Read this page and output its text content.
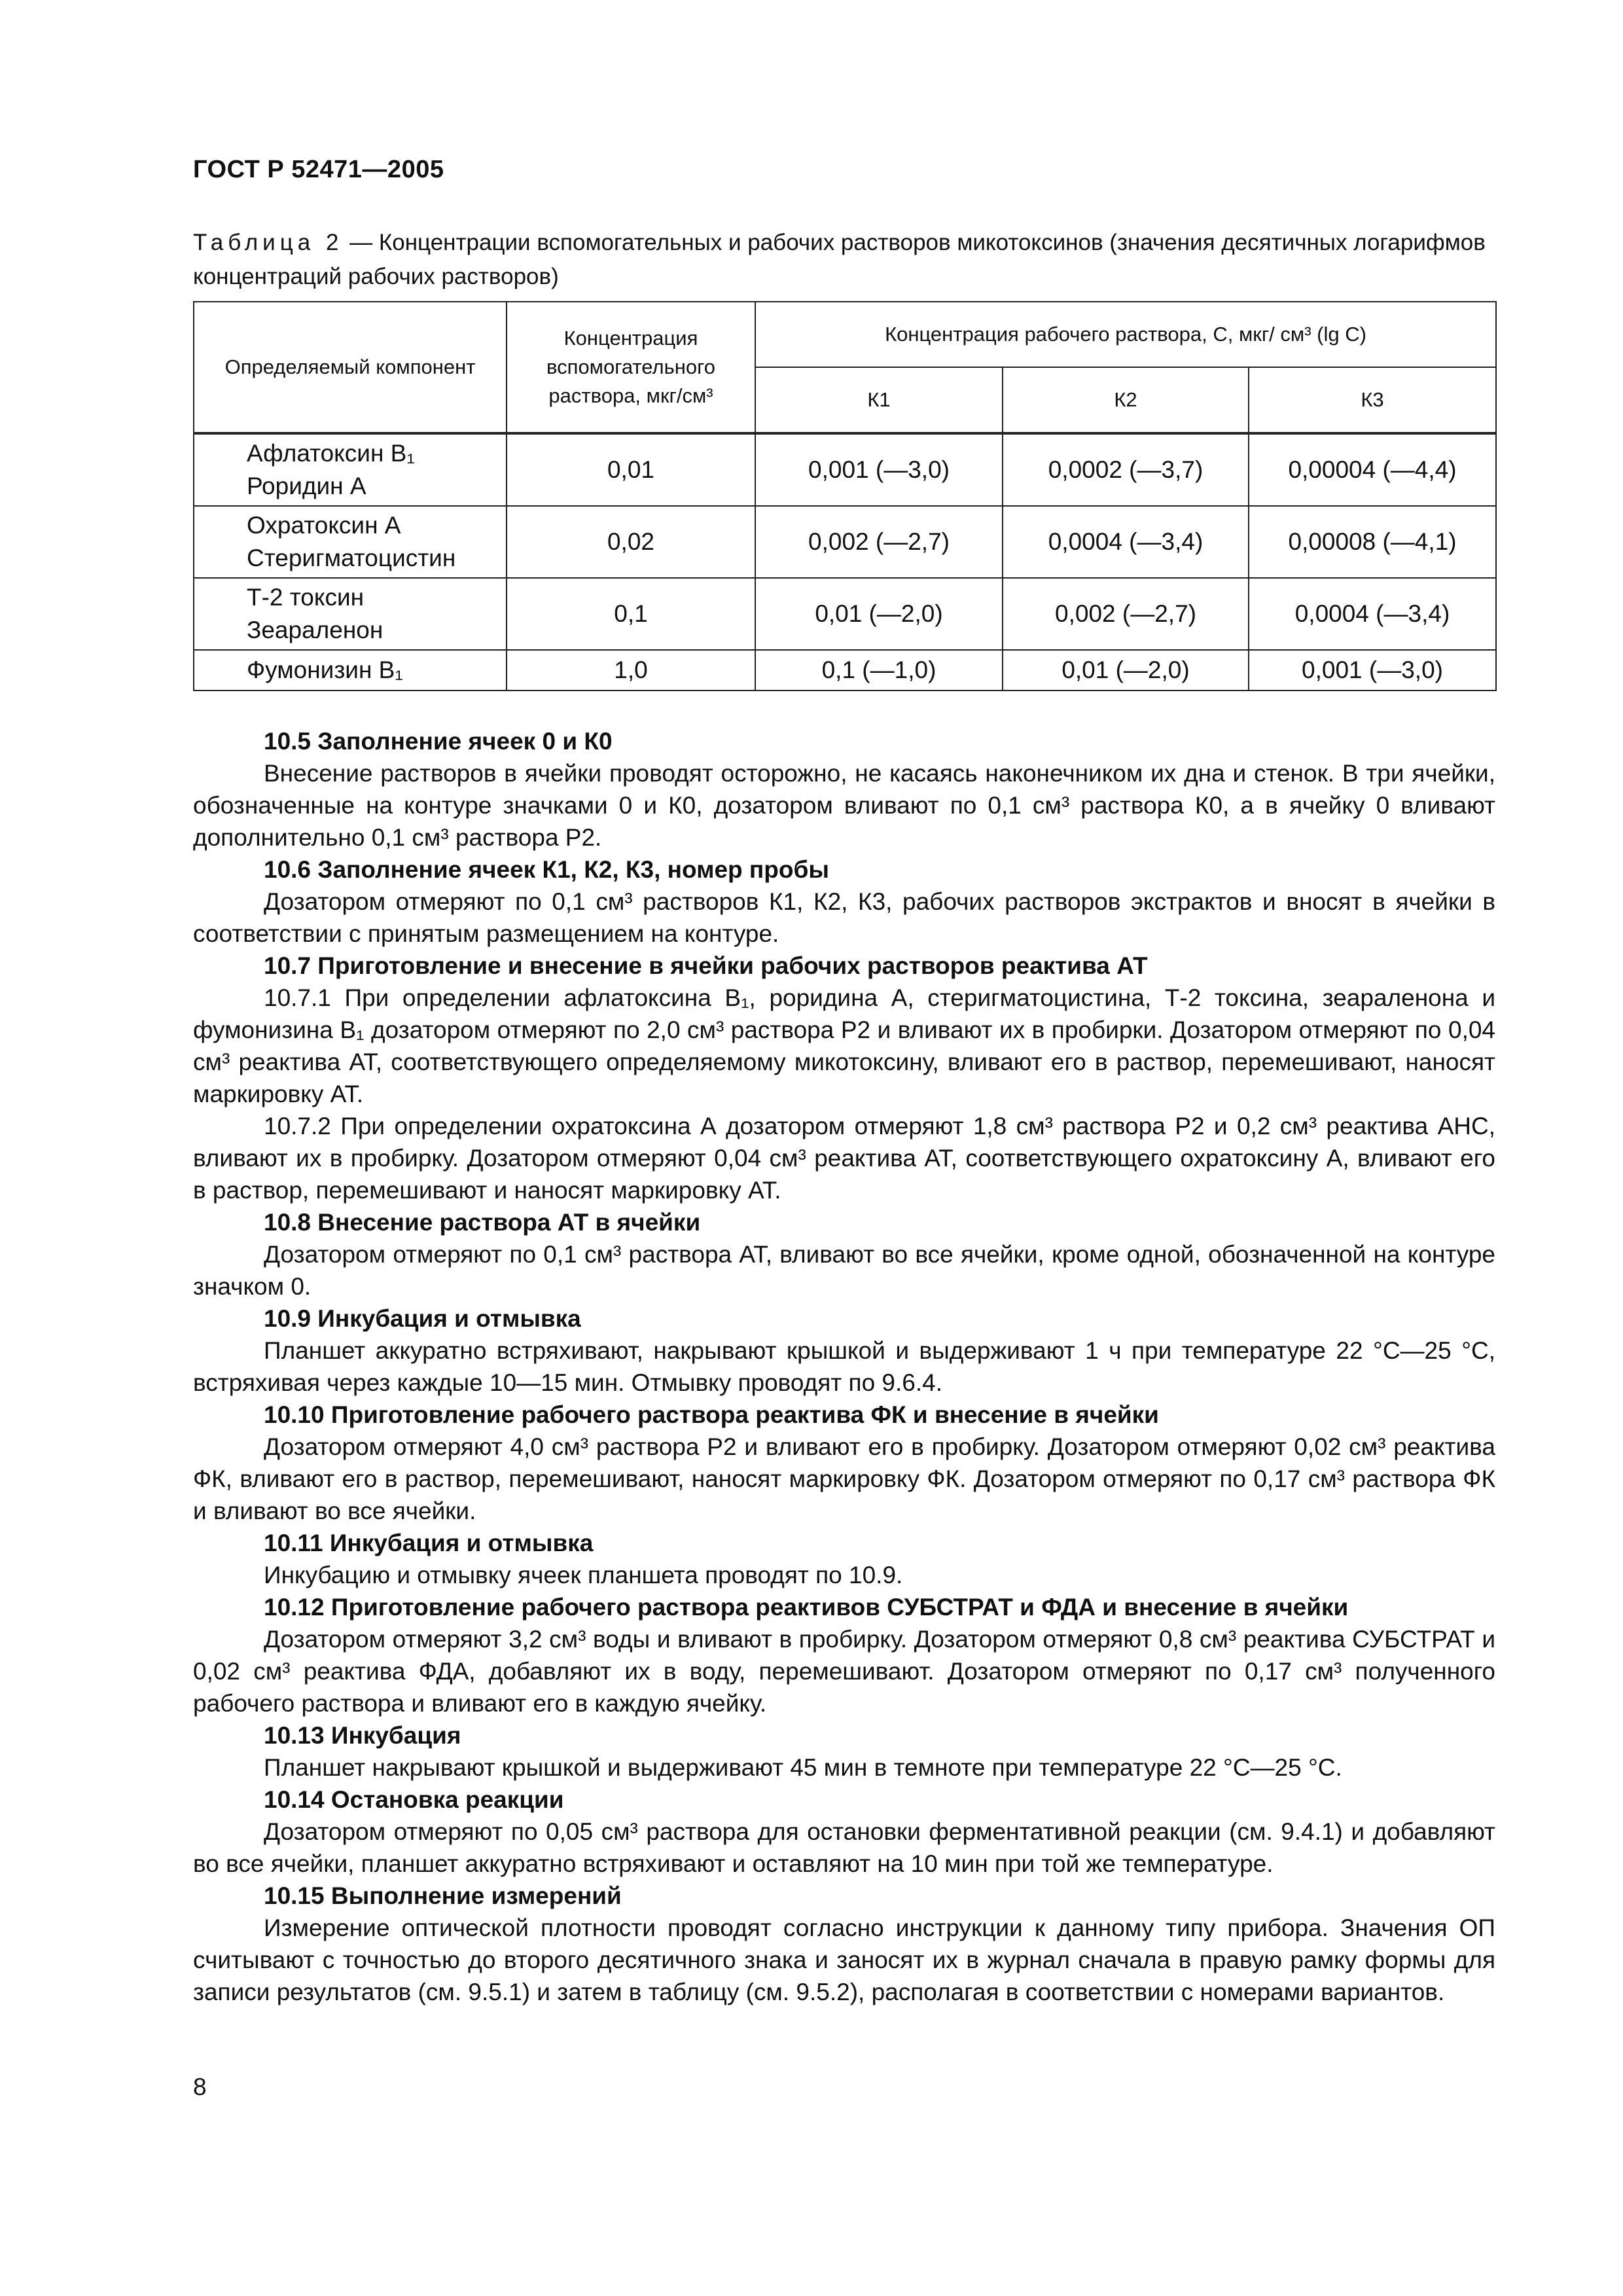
ГОСТ Р 52471—2005
Таблица 2 — Концентрации вспомогательных и рабочих растворов микотоксинов (значения десятичных логарифмов концентраций рабочих растворов)
Определяемый компонент	Концентрация вспомогательного раствора, мкг/см³	Концентрация рабочего раствора, С, мкг/ см³ (lg С)		
		К1	К2	К3
Афлатоксин В₁
Роридин А	0,01	0,001 (—3,0)	0,0002 (—3,7)	0,00004 (—4,4)
Охратоксин А
Стеригматоцистин	0,02	0,002 (—2,7)	0,0004 (—3,4)	0,00008 (—4,1)
Т-2 токсин
Зеараленон	0,1	0,01 (—2,0)	0,002 (—2,7)	0,0004 (—3,4)
Фумонизин В₁	1,0	0,1 (—1,0)	0,01 (—2,0)	0,001 (—3,0)
10.5 Заполнение ячеек 0 и К0

Внесение растворов в ячейки проводят осторожно, не касаясь наконечником их дна и стенок. В три ячейки, обозначенные на контуре значками 0 и К0, дозатором вливают по 0,1 см³ раствора К0, а в ячейку 0 вливают дополнительно 0,1 см³ раствора Р2.

10.6 Заполнение ячеек К1, К2, К3, номер пробы

Дозатором отмеряют по 0,1 см³ растворов К1, К2, К3, рабочих растворов экстрактов и вносят в ячейки в соответствии с принятым размещением на контуре.

10.7 Приготовление и внесение в ячейки рабочих растворов реактива АТ

10.7.1 При определении афлатоксина В₁, роридина А, стеригматоцистина, Т-2 токсина, зеараленона и фумонизина В₁ дозатором отмеряют по 2,0 см³ раствора Р2 и вливают их в пробирки. Дозатором отмеряют по 0,04 см³ реактива АТ, соответствующего определяемому микотоксину, вливают его в раствор, перемешивают, наносят маркировку АТ.

10.7.2 При определении охратоксина А дозатором отмеряют 1,8 см³ раствора Р2 и 0,2 см³ реактива АНС, вливают их в пробирку. Дозатором отмеряют 0,04 см³ реактива АТ, соответствующего охратоксину А, вливают его в раствор, перемешивают и наносят маркировку АТ.

10.8 Внесение раствора АТ в ячейки

Дозатором отмеряют по 0,1 см³ раствора АТ, вливают во все ячейки, кроме одной, обозначенной на контуре значком 0.

10.9 Инкубация и отмывка

Планшет аккуратно встряхивают, накрывают крышкой и выдерживают 1 ч при температуре 22 °С—25 °С, встряхивая через каждые 10—15 мин. Отмывку проводят по 9.6.4.

10.10 Приготовление рабочего раствора реактива ФК и внесение в ячейки

Дозатором отмеряют 4,0 см³ раствора Р2 и вливают его в пробирку. Дозатором отмеряют 0,02 см³ реактива ФК, вливают его в раствор, перемешивают, наносят маркировку ФК. Дозатором отмеряют по 0,17 см³ раствора ФК и вливают во все ячейки.

10.11 Инкубация и отмывка

Инкубацию и отмывку ячеек планшета проводят по 10.9.

10.12 Приготовление рабочего раствора реактивов СУБСТРАТ и ФДА и внесение в ячейки

Дозатором отмеряют 3,2 см³ воды и вливают в пробирку. Дозатором отмеряют 0,8 см³ реактива СУБСТРАТ и 0,02 см³ реактива ФДА, добавляют их в воду, перемешивают. Дозатором отмеряют по 0,17 см³ полученного рабочего раствора и вливают его в каждую ячейку.

10.13 Инкубация

Планшет накрывают крышкой и выдерживают 45 мин в темноте при температуре 22 °С—25 °С.

10.14 Остановка реакции

Дозатором отмеряют по 0,05 см³ раствора для остановки ферментативной реакции (см. 9.4.1) и добавляют во все ячейки, планшет аккуратно встряхивают и оставляют на 10 мин при той же температуре.

10.15 Выполнение измерений

Измерение оптической плотности проводят согласно инструкции к данному типу прибора. Значения ОП считывают с точностью до второго десятичного знака и заносят их в журнал сначала в правую рамку формы для записи результатов (см. 9.5.1) и затем в таблицу (см. 9.5.2), располагая в соответствии с номерами вариантов.

8
